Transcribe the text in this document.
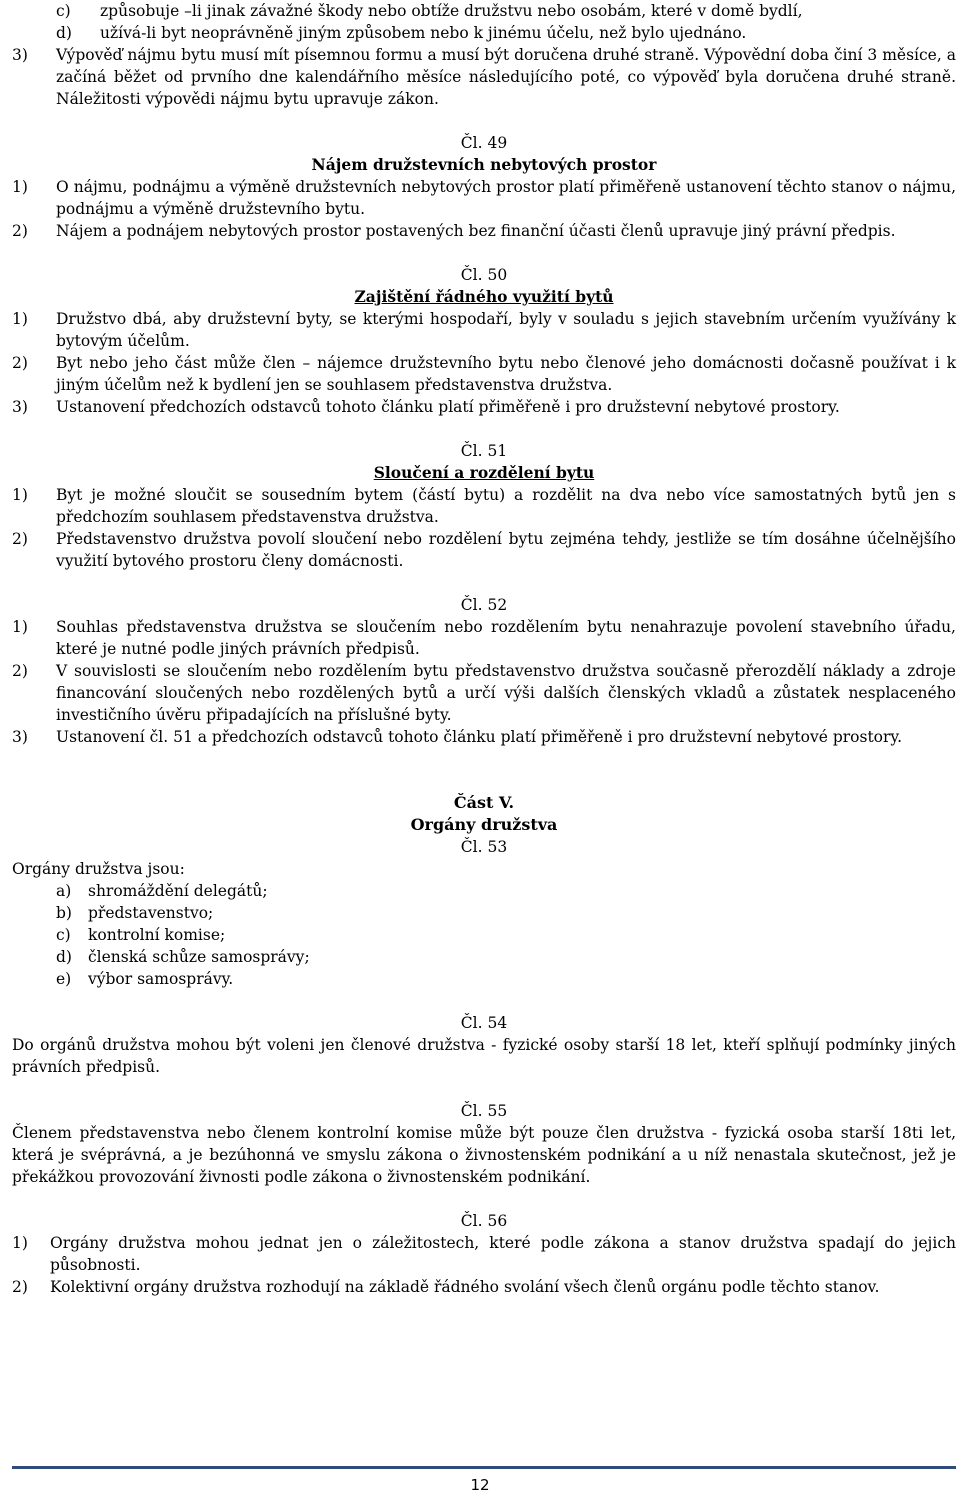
c)	způsobuje –li jinak závažné škody nebo obtíže družstvu nebo osobám, které v domě bydlí,
d)	užívá-li byt neoprávněně jiným způsobem nebo k jinému účelu, než bylo ujednáno.
3)	Výpověď nájmu bytu musí mít písemnou formu a musí být doručena druhé straně. Výpovědní doba činí 3 měsíce, a začíná běžet od prvního dne kalendářního měsíce následujícího poté, co výpověď byla doručena druhé straně. Náležitosti výpovědi nájmu bytu upravuje zákon.
Čl. 49
Nájem družstevních nebytových prostor
1)	O nájmu, podnájmu a výměně družstevních nebytových prostor platí přiměřeně ustanovení těchto stanov o nájmu, podnájmu a výměně družstevního bytu.
2)	Nájem a podnájem nebytových prostor postavených bez finanční účasti členů upravuje jiný právní předpis.
Čl. 50
Zajištění řádného využití bytů
1)	Družstvo dbá, aby družstevní byty, se kterými hospodaří, byly v souladu s jejich stavebním určením využívány k bytovým účelům.
2)	Byt nebo jeho část může člen – nájemce družstevního bytu nebo členové jeho domácnosti dočasně používat i k jiným účelům než k bydlení jen se souhlasem představenstva družstva.
3)	Ustanovení předchozích odstavců tohoto článku platí přiměřeně i pro družstevní nebytové prostory.
Čl. 51
Sloučení a rozdělení bytu
1)	Byt je možné sloučit se sousedním bytem (částí bytu) a rozdělit na dva nebo více samostatných bytů jen s předchozím souhlasem představenstva družstva.
2)	Představenstvo družstva povolí sloučení nebo rozdělení bytu zejména tehdy, jestliže se tím dosáhne účelnějšího využití bytového prostoru členy domácnosti.
Čl. 52
1)	Souhlas představenstva družstva se sloučením nebo rozdělením bytu nenahrazuje povolení stavebního úřadu, které je nutné podle jiných právních předpisů.
2)	V souvislosti se sloučením nebo rozdělením bytu představenstvo družstva současně přerozdělí náklady a zdroje financování sloučených nebo rozdělených bytů a určí výši dalších členských vkladů a zůstatek nesplaceného investičního úvěru připadajících na příslušné byty.
3)	Ustanovení čl. 51 a předchozích odstavců tohoto článku platí přiměřeně i pro družstevní nebytové prostory.
Část V.
Orgány družstva
Čl. 53
Orgány družstva jsou:
a)	shromáždění delegátů;
b)	představenstvo;
c)	kontrolní komise;
d)	členská schůze samosprávy;
e)	výbor samosprávy.
Čl. 54
Do orgánů družstva mohou být voleni jen členové družstva - fyzické osoby starší 18 let, kteří splňují podmínky jiných právních předpisů.
Čl. 55
Členem představenstva nebo členem kontrolní komise může být pouze člen družstva - fyzická osoba starší 18ti let, která je svéprávná, a je bezúhonná ve smyslu zákona o živnostenském podnikání a u níž nenastala skutečnost, jež je překážkou provozování živnosti podle zákona o živnostenském podnikání.
Čl. 56
1)	Orgány družstva mohou jednat jen o záležitostech, které podle zákona a stanov družstva spadají do jejich působnosti.
2)	Kolektivní orgány družstva rozhodují na základě řádného svolání všech členů orgánu podle těchto stanov.
12
